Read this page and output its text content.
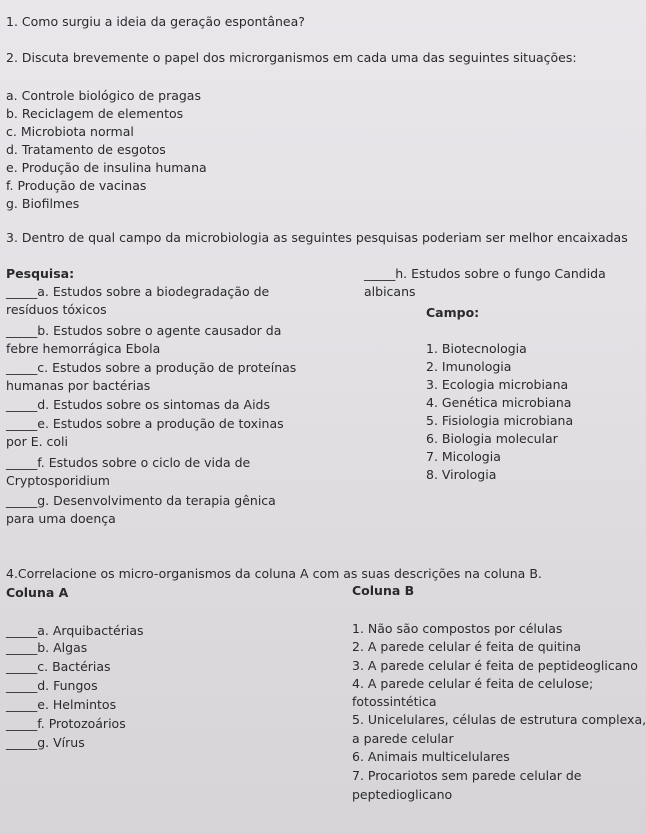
1. Como surgiu a ideia da geração espontânea?
2. Discuta brevemente o papel dos microrganismos em cada uma das seguintes situações:
a. Controle biológico de pragas
b. Reciclagem de elementos
c. Microbiota normal
d. Tratamento de esgotos
e. Produção de insulina humana
f. Produção de vacinas
g. Biofilmes
3. Dentro de qual campo da microbiologia as seguintes pesquisas poderiam ser melhor encaixadas
Pesquisa:
_____a. Estudos sobre a biodegradação de
resíduos tóxicos
_____b. Estudos sobre o agente causador da
febre hemorrágica Ebola
_____c. Estudos sobre a produção de proteínas
humanas por bactérias
_____d. Estudos sobre os sintomas da Aids
_____e. Estudos sobre a produção de toxinas
por E. coli
_____f. Estudos sobre o ciclo de vida de
Cryptosporidium
_____g. Desenvolvimento da terapia gênica
para uma doença
_____h. Estudos sobre o fungo Candida
albicans
Campo:
1. Biotecnologia
2. Imunologia
3. Ecologia microbiana
4. Genética microbiana
5. Fisiologia microbiana
6. Biologia molecular
7. Micologia
8. Virologia
4.Correlacione os micro-organismos da coluna A com as suas descrições na coluna B.
Coluna A	Coluna B
_____a. Arquibactérias
_____b. Algas
_____c. Bactérias
_____d. Fungos
_____e. Helmintos
_____f. Protozoários
_____g. Vírus
1. Não são compostos por células
2. A parede celular é feita de quitina
3. A parede celular é feita de peptideoglicano
4. A parede celular é feita de celulose;
fotossintética
5. Unicelulares, células de estrutura complexa,
a parede celular
6. Animais multicelulares
7. Procariotos sem parede celular de
peptedioglicano
